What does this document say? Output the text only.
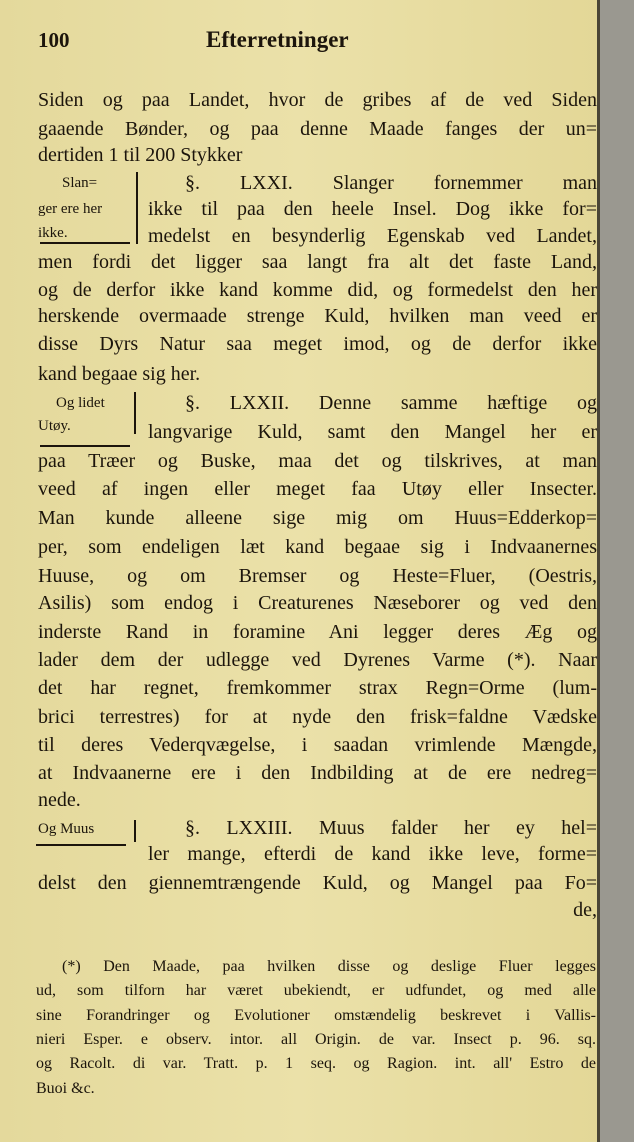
100	Efterretninger
Siden og paa Landet, hvor de gribes af de ved Siden
gaaende Bønder, og paa denne Maade fanges der un=
dertiden 1 til 200 Stykker
§. LXXI. Slanger fornemmer man
ikke til paa den heele Insel. Dog ikke for=
medelst en besynderlig Egenskab ved Landet,
men fordi det ligger saa langt fra alt det faste Land,
og de derfor ikke kand komme did, og formedelst den her
herskende overmaade strenge Kuld, hvilken man veed er
disse Dyrs Natur saa meget imod, og de derfor ikke
kand begaae sig her.
§. LXXII. Denne samme hæftige og
langvarige Kuld, samt den Mangel her er
paa Træer og Buske, maa det og tilskrives, at man
veed af ingen eller meget faa Utøy eller Insecter.
Man kunde alleene sige mig om Huus=Edderkop=
per, som endeligen læt kand begaae sig i Indvaanernes
Huuse, og om Bremser og Heste=Fluer, (Oestris,
Asilis) som endog i Creaturenes Næseborer og ved den
inderste Rand in foramine Ani legger deres Æg og
lader dem der udlegge ved Dyrenes Varme (*). Naar
det har regnet, fremkommer strax Regn=Orme (lum-
brici terrestres) for at nyde den frisk=faldne Vædske
til deres Vederqvægelse, i saadan vrimlende Mængde,
at Indvaanerne ere i den Indbilding at de ere nedreg=
nede.
§. LXXIII. Muus falder her ey hel=
ler mange, efterdi de kand ikke leve, forme=
delst den giennemtrængende Kuld, og Mangel paa Fo=
de,
Slan=
ger ere her
ikke.
Og lidet
Utøy.
Og Muus
(*) Den Maade, paa hvilken disse og deslige Fluer legges
ud, som tilforn har været ubekiendt, er udfundet, og med alle
sine Forandringer og Evolutioner omstændelig beskrevet i Vallis-
nieri Esper. e observ. intor. all Origin. de var. Insect p. 96. sq.
og Racolt. di var. Tratt. p. 1 seq. og Ragion. int. all' Estro de
Buoi &c.
